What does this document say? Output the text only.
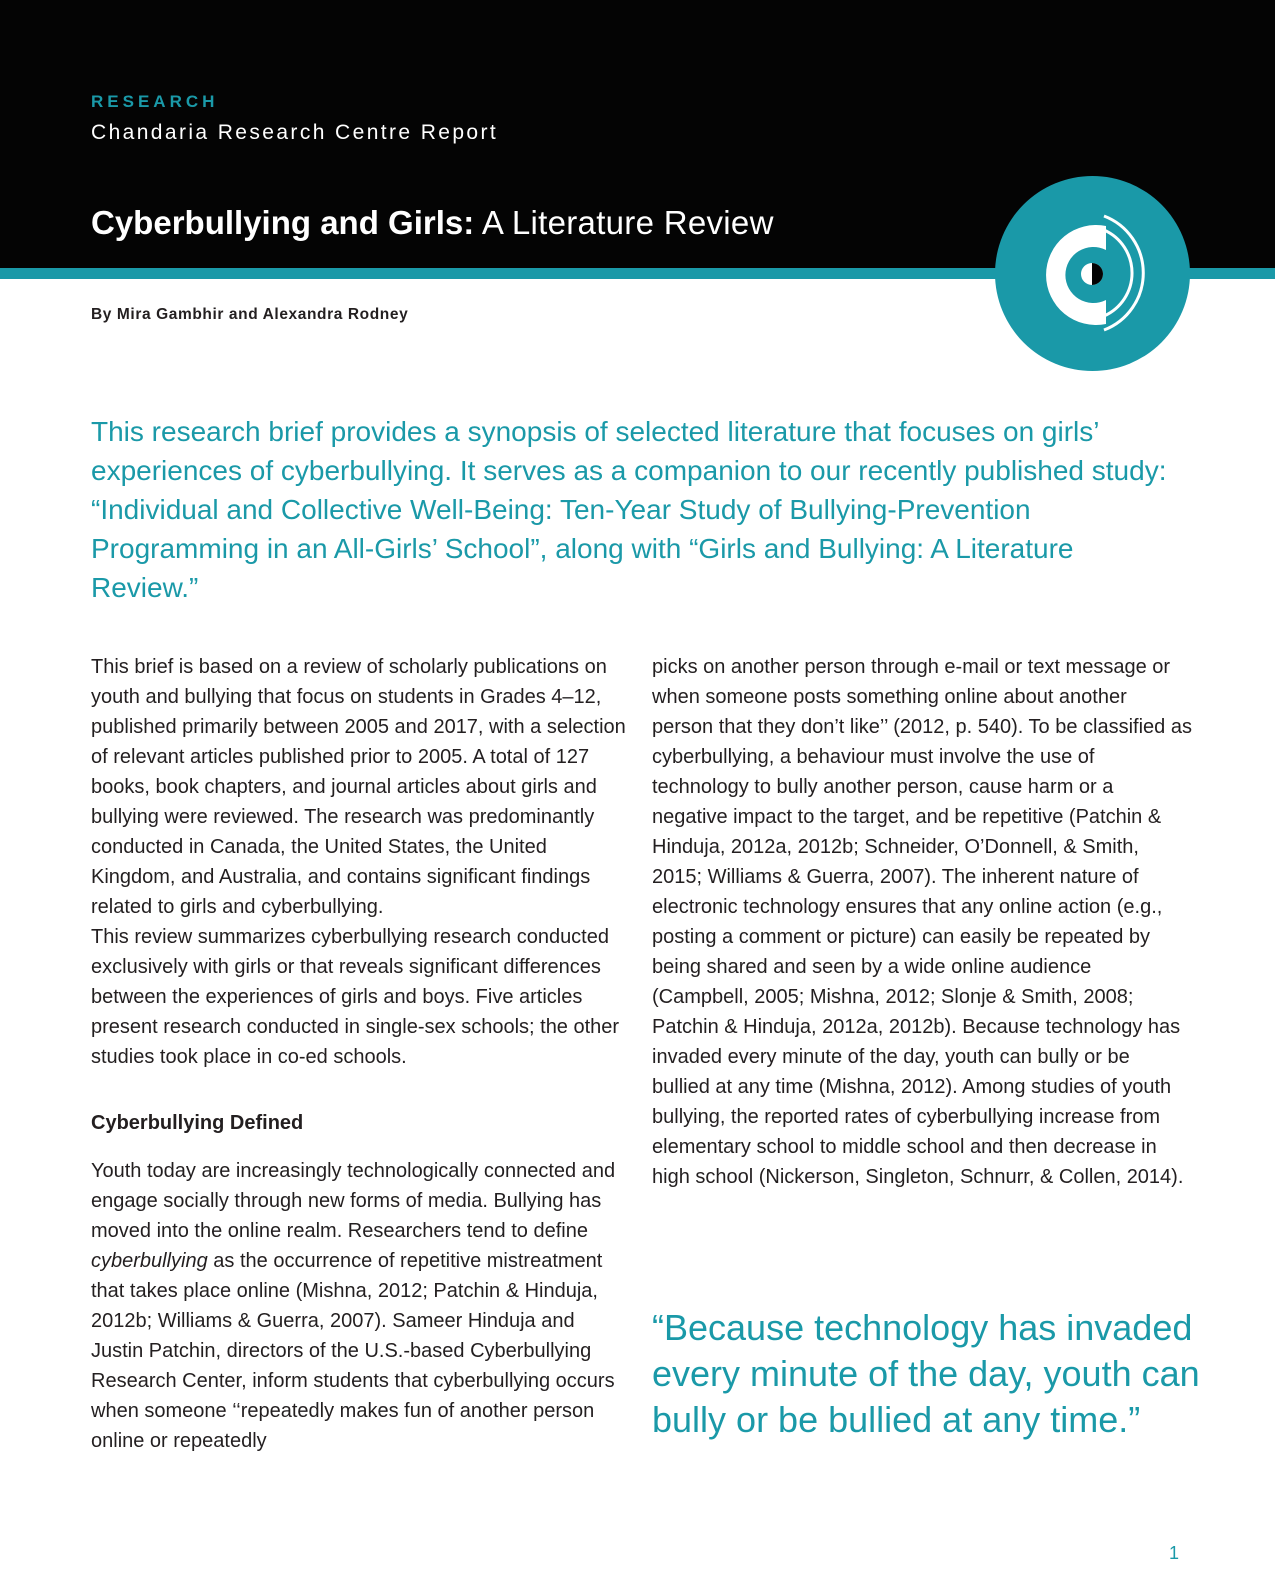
RESEARCH
Chandaria Research Centre Report
Cyberbullying and Girls: A Literature Review
By Mira Gambhir and Alexandra Rodney
This research brief provides a synopsis of selected literature that focuses on girls’ experiences of cyberbullying. It serves as a companion to our recently published study: “Individual and Collective Well-Being: Ten-Year Study of Bullying-Prevention Programming in an All-Girls’ School”, along with “Girls and Bullying: A Literature Review.”

This brief is based on a review of scholarly publications on youth and bullying that focus on students in Grades 4–12, published primarily between 2005 and 2017, with a selection of relevant articles published prior to 2005. A total of 127 books, book chapters, and journal articles about girls and bullying were reviewed. The research was predominantly conducted in Canada, the United States, the United Kingdom, and Australia, and contains significant findings related to girls and cyberbullying.

This review summarizes cyberbullying research conducted exclusively with girls or that reveals significant differences between the experiences of girls and boys. Five articles present research conducted in single-sex schools; the other studies took place in co-ed schools.

Cyberbullying Defined

Youth today are increasingly technologically connected and engage socially through new forms of media. Bullying has moved into the online realm. Researchers tend to define cyberbullying as the occurrence of repetitive mistreatment that takes place online (Mishna, 2012; Patchin & Hinduja, 2012b; Williams & Guerra, 2007). Sameer Hinduja and Justin Patchin, directors of the U.S.-based Cyberbullying Research Center, inform students that cyberbullying occurs when someone ‘‘repeatedly makes fun of another person online or repeatedly

picks on another person through e-mail or text message or when someone posts something online about another person that they don’t like’’ (2012, p. 540). To be classified as cyberbullying, a behaviour must involve the use of technology to bully another person, cause harm or a negative impact to the target, and be repetitive (Patchin & Hinduja, 2012a, 2012b; Schneider, O’Donnell, & Smith, 2015; Williams & Guerra, 2007). The inherent nature of electronic technology ensures that any online action (e.g., posting a comment or picture) can easily be repeated by being shared and seen by a wide online audience (Campbell, 2005; Mishna, 2012; Slonje & Smith, 2008; Patchin & Hinduja, 2012a, 2012b). Because technology has invaded every minute of the day, youth can bully or be bullied at any time (Mishna, 2012). Among studies of youth bullying, the reported rates of cyberbullying increase from elementary school to middle school and then decrease in high school (Nickerson, Singleton, Schnurr, & Collen, 2014).

“Because technology has invaded every minute of the day, youth can bully or be bullied at any time.”

1
